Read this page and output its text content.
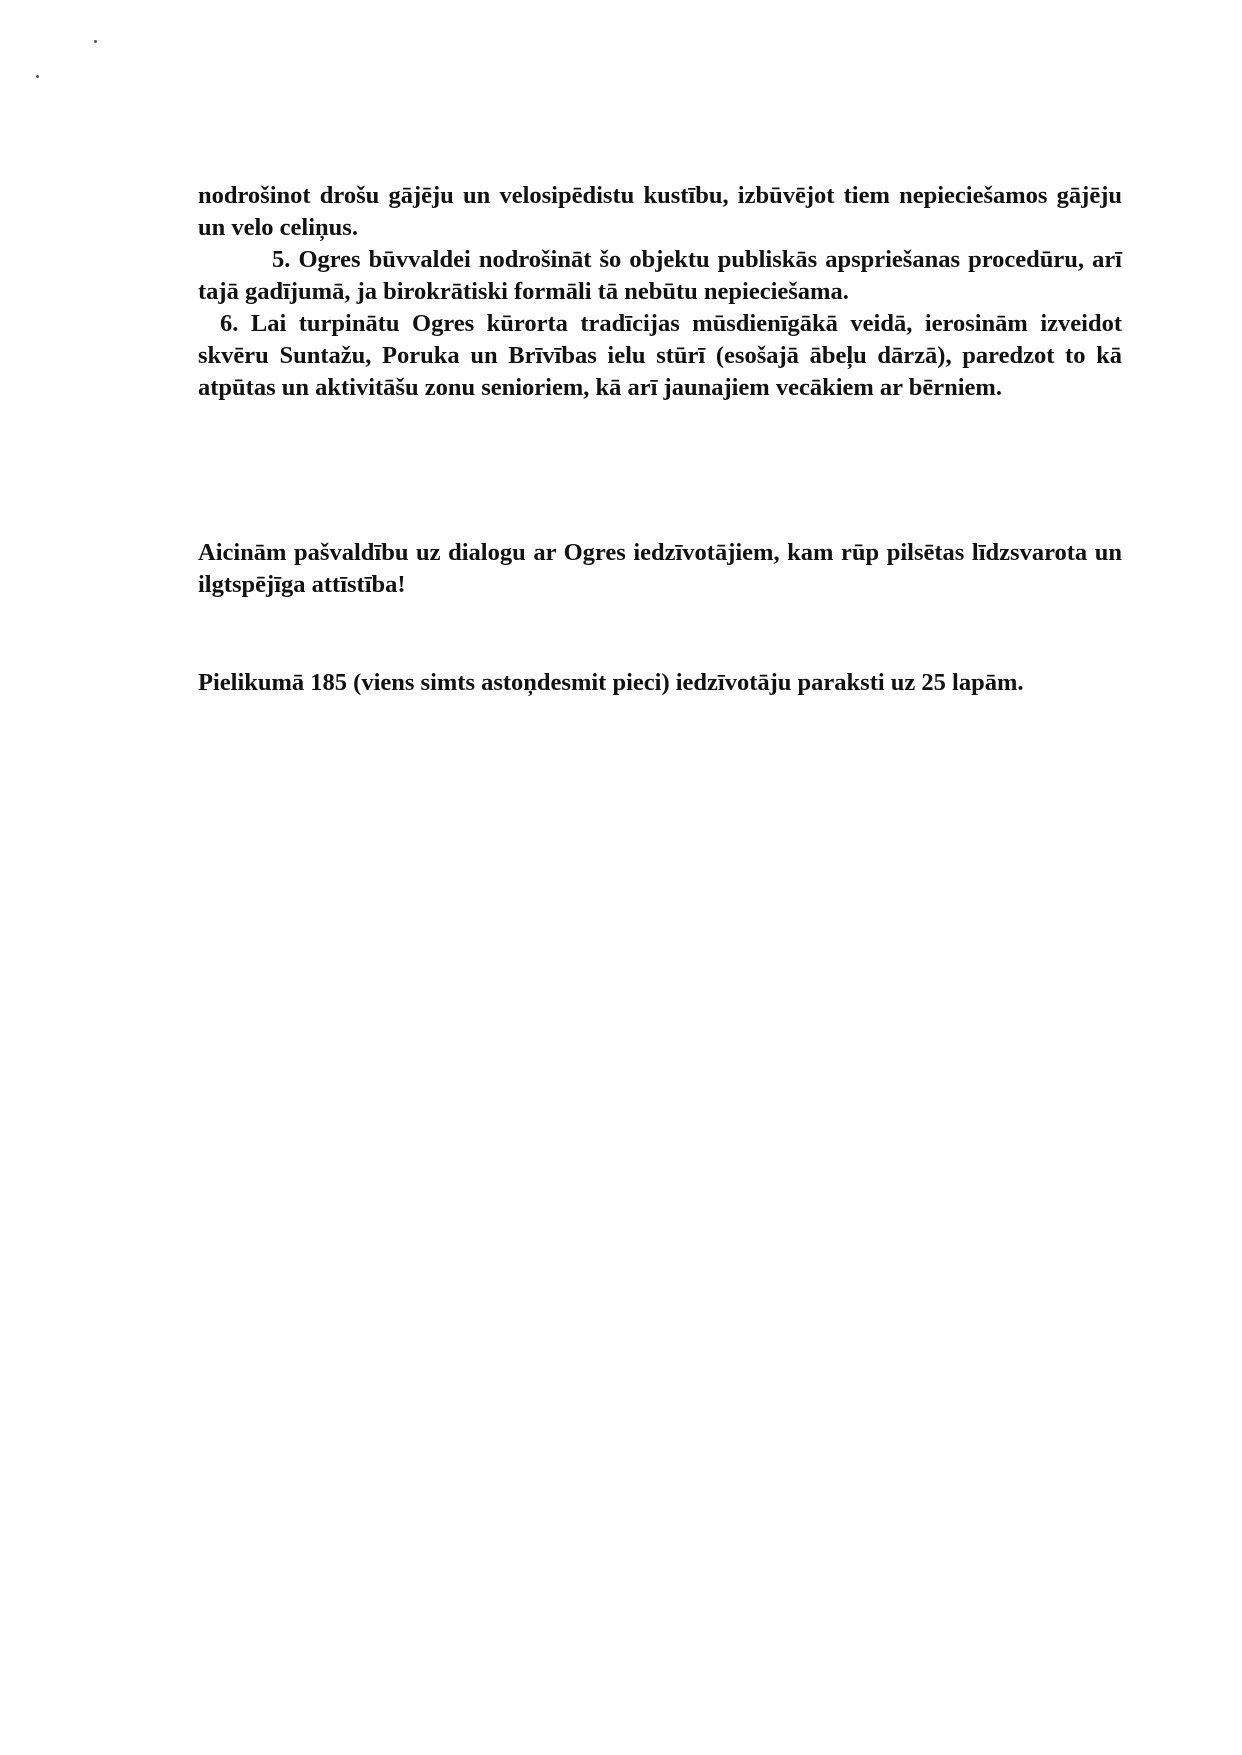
nodrošinot drošu gājēju un velosipēdistu kustību, izbūvējot tiem nepieciešamos gājēju un velo celiņus.

5. Ogres būvvaldei nodrošināt šo objektu publiskās apspriešanas procedūru, arī tajā gadījumā, ja birokrātiski formāli tā nebūtu nepieciešama.

6. Lai turpinātu Ogres kūrorta tradīcijas mūsdienīgākā veidā, ierosinām izveidot skvēru Suntažu, Poruka un Brīvības ielu stūrī (esošajā ābeļu dārzā), paredzot to kā atpūtas un aktivitāšu zonu senioriem, kā arī jaunajiem vecākiem ar bērniem.

Aicinām pašvaldību uz dialogu ar Ogres iedzīvotājiem, kam rūp pilsētas līdzsvarota un ilgtspējīga attīstība!

Pielikumā 185 (viens simts astoņdesmit pieci) iedzīvotāju paraksti uz 25 lapām.
